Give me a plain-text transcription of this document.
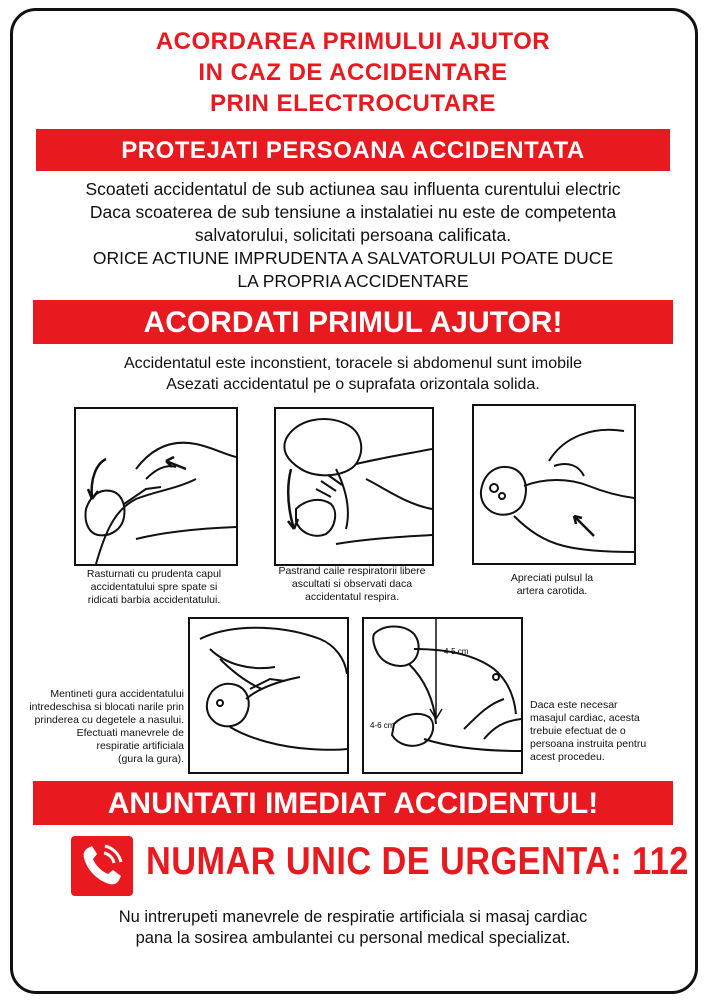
ACORDAREA PRIMULUI AJUTOR
IN CAZ DE ACCIDENTARE
PRIN ELECTROCUTARE
PROTEJATI PERSOANA ACCIDENTATA
Scoateti accidentatul de sub actiunea sau influenta curentului electric
Daca scoaterea de sub tensiune a instalatiei nu este de competenta
salvatorului, solicitati persoana calificata.
ORICE ACTIUNE IMPRUDENTA A SALVATORULUI POATE DUCE
LA PROPRIA ACCIDENTARE
ACORDATI PRIMUL AJUTOR!
Accidentatul este inconstient, toracele si abdomenul sunt imobile
Asezati accidentatul pe o suprafata orizontala solida.
Rasturnati cu prudenta capul
accidentatului spre spate si
ridicati barbia accidentatului.
Pastrand caile respiratorii libere
ascultati si observati daca
accidentatul respira.
Apreciati pulsul la
artera carotida.
Mentineti gura accidentatului
intredeschisa si blocati narile prin
prinderea cu degetele a nasului.
Efectuati manevrele de
respiratie artificiala
(gura la gura).
4-5 cm
4-6 cm
Daca este necesar
masajul cardiac, acesta
trebuie efectuat de o
persoana instruita pentru
acest procedeu.
ANUNTATI IMEDIAT ACCIDENTUL!
NUMAR UNIC DE URGENTA: 112
Nu intrerupeti manevrele de respiratie artificiala si masaj cardiac
pana la sosirea ambulantei cu personal medical specializat.
